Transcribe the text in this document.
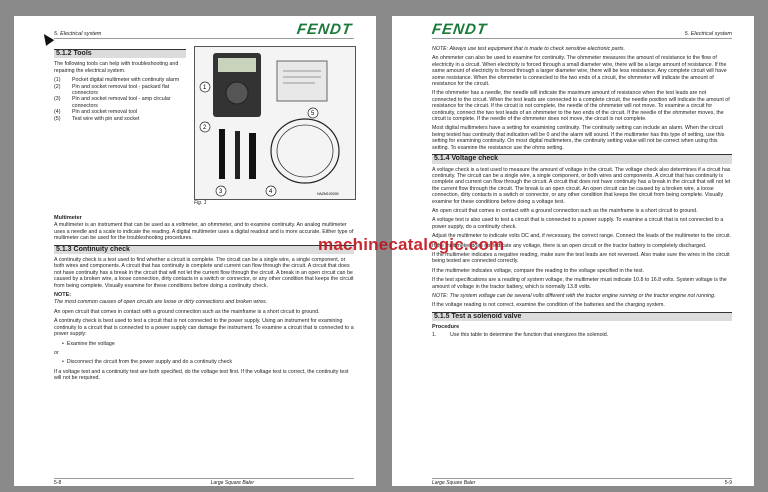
5. Electrical system	FENDT
5.1.2 Tools

The following tools can help with troubleshooting and repairing the electrical system.

(1)	Pocket digital multimeter with continuity alarm
(2)	Pin and socket removal tool - packard flat connectors
(3)	Pin and socket removal tool - amp circular connectors
(4)	Pin and socket removal tool
(5)	Test wire with pin and socket
1
2
3	4
5
HAZM100000
Fig. 1
Multimeter

A multimeter is an instrument that can be used as a voltmeter, an ohmmeter, and to examine continuity. An analog multimeter uses a needle and a scale to indicate the reading. A digital multimeter uses a digital readout and is more accurate. Either type of multimeter can be used for the troubleshooting procedures.

5.1.3 Continuity check

A continuity check is a test used to find whether a circuit is complete. The circuit can be a single wire, a single component, or both wires and components. A circuit that has continuity is complete and current can flow through the circuit. A circuit that does not have continuity has a break in the circuit that will not let the current flow through the circuit. A break in an open circuit can be caused by a broken wire, a loose connection, dirty contacts in a switch or connector, or any other condition that keeps the circuit from being complete. Visually examine for these conditions before doing a continuity check.

NOTE:

The most common causes of open circuits are loose or dirty connections and broken wires.

An open circuit that comes in contact with a ground connection such as the mainframe is a short circuit to ground.

A continuity check is best used to test a circuit that is not connected to the power supply. Using an instrument for examining continuity to a circuit that is connected to a power supply can damage the instrument. To examine a circuit that is connected to a power supply:

•  Examine the voltage

or

•  Disconnect the circuit from the power supply and do a continuity check

If a voltage test and a continuity test are both specified, do the voltage test first. If the voltage test is correct, the continuity test will not be required.

5-8	Large Square Baler
5. Electrical system
FENDT

NOTE: Always use test equipment that is made to check sensitive electronic parts.

An ohmmeter can also be used to examine for continuity. The ohmmeter measures the amount of resistance to the flow of electricity in a circuit. When electricity is forced through a small diameter wire, there will be a large amount of resistance. If the same amount of electricity is forced through a larger diameter wire, there will be less resistance. Any complete circuit will have some resistance. When the ohmmeter is connected to the two ends of a circuit, the ohmmeter will indicate the amount of resistance for the circuit.

If the ohmmeter has a needle, the needle will indicate the maximum amount of resistance when the test leads are not connected to the circuit. When the test leads are connected to a complete circuit, the needle position will indicate the amount of resistance for the circuit. If the circuit is not complete, the needle of the ohmmeter will not move. To examine a circuit for continuity, connect the two test leads of an ohmmeter to the two ends of the circuit. If the needle of the ohmmeter moves, the circuit is complete. If the needle of the ohmmeter does not move, the circuit is not complete.

Most digital multimeters have a setting for examining continuity. The continuity setting can include an alarm. When the circuit being tested has continuity that indication will be 0 and the alarm will sound. If the multimeter has this type of setting, use this setting for examining continuity. On most digital multimeters, the continuity setting value will not be correct when using this setting. To examine the resistance use the ohms setting.

5.1.4 Voltage check

A voltage check is a test used to measure the amount of voltage in the circuit. The voltage check also determines if a circuit has continuity. The circuit can be a single wire, a single component, or both wires and components. A circuit that has continuity is complete and current can flow through the circuit. A circuit that does not have continuity has a break in the circuit that will not let the current flow through the circuit. The break is an open circuit. An open circuit can be caused by a broken wire, a loose connection, dirty contacts in a switch or connector, or any other condition that keeps the circuit from being complete. Visually examine for these conditions before doing a voltage test.

An open circuit that comes in contact with a ground connection such as the mainframe is a short circuit to ground.

A voltage test is also used to test a circuit that is connected to a power supply. To examine a circuit that is not connected to a power supply, do a continuity check.

Adjust the multimeter to indicate volts DC and, if necessary, the correct range. Connect the leads of the multimeter to the circuit.

If the multimeter does not indicate any voltage, there is an open circuit or the tractor battery is completely discharged.

If the multimeter indicates a negative reading, make sure the test leads are not reversed. Also make sure the wires in the circuit being tested are connected correctly.

If the multimeter indicates voltage, compare the reading to the voltage specified in the test.

If the test specifications are a reading of system voltage, the multimeter must indicate 10.8 to 16.8 volts. System voltage is the amount of voltage in the tractor battery, which is normally 13.8 volts.

NOTE: The system voltage can be several volts different with the tractor engine running or the tractor engine not running.

If the voltage reading is not correct, examine the condition of the batteries and the charging system.

5.1.5 Test a solenoid valve
Procedure
1.	Use this table to determine the function that energizes the solenoid.
Large Square Baler	5-9
machinecatalogic.com
